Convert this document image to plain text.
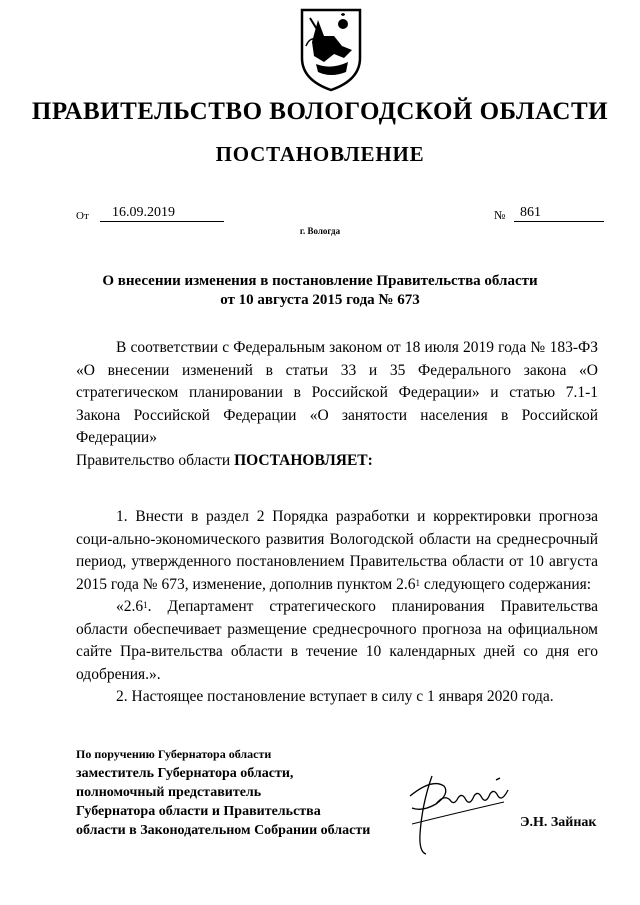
ПРАВИТЕЛЬСТВО ВОЛОГОДСКОЙ ОБЛАСТИ
ПОСТАНОВЛЕНИЕ
От	16.09.2019	№	861
г. Вологда
О внесении изменения в постановление Правительства области
от 10 августа 2015 года № 673

В соответствии с Федеральным законом от 18 июля 2019 года № 183-ФЗ «О внесении изменений в статьи 33 и 35 Федерального закона «О стратегическом планировании в Российской Федерации» и статью 7.1-1 Закона Российской Федерации «О занятости населения в Российской Федерации»

Правительство области ПОСТАНОВЛЯЕТ:

1. Внести в раздел 2 Порядка разработки и корректировки прогноза соци-ально-экономического развития Вологодской области на среднесрочный период, утвержденного постановлением Правительства области от 10 августа 2015 года № 673, изменение, дополнив пунктом $2.6^1$ следующего содержания:

«$2.6^1$. Департамент стратегического планирования Правительства области обеспечивает размещение среднесрочного прогноза на официальном сайте Пра-вительства области в течение 10 календарных дней со дня его одобрения.».

2. Настоящее постановление вступает в силу с 1 января 2020 года.

По поручению Губернатора области
заместитель Губернатора области,
полномочный представитель
Губернатора области и Правительства
области в Законодательном Собрании области
Э.Н. Зайнак
